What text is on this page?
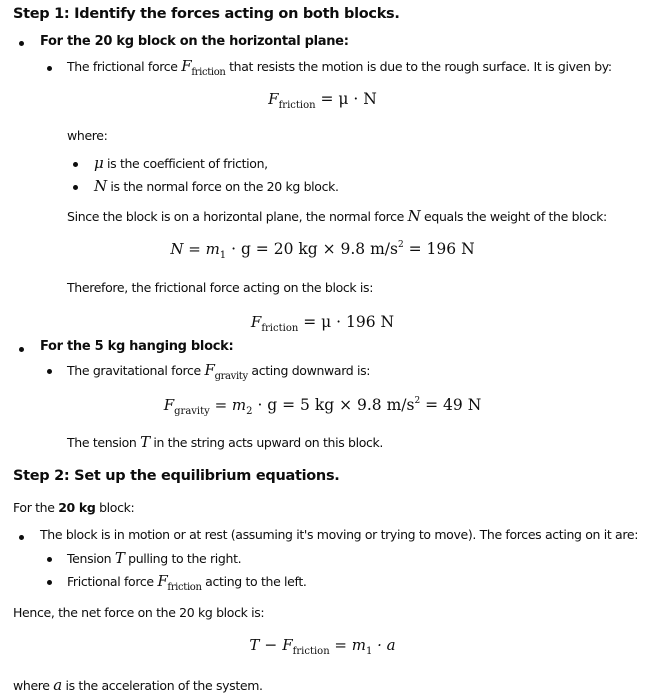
Step 1: Identify the forces acting on both blocks.
For the 20 kg block on the horizontal plane:
The frictional force $F_{friction}$ that resists the motion is due to the rough surface. It is given by:
$F_{friction} = \mu \cdot N$
where:
μ is the coefficient of friction,
N is the normal force on the 20 kg block.
Since the block is on a horizontal plane, the normal force N equals the weight of the block:
$N = m_1 \cdot g = 20$ kg × 9.8 $m/s^2 = 196$ N
Therefore, the frictional force acting on the block is:
$F_{friction} = \mu \cdot 196$ N
For the 5 kg hanging block:
The gravitational force $F_{gravity}$ acting downward is:
$F_{gravity} = m_2 \cdot g = 5$ kg × 9.8 $m/s^2 = 49$ N
The tension T in the string acts upward on this block.
Step 2: Set up the equilibrium equations.
For the 20 kg block:
The block is in motion or at rest (assuming it's moving or trying to move). The forces acting on it are:
Tension T pulling to the right.
Frictional force $F_{friction}$ acting to the left.
Hence, the net force on the 20 kg block is:
$T - F_{friction} = m_1 \cdot a$
where a is the acceleration of the system.
